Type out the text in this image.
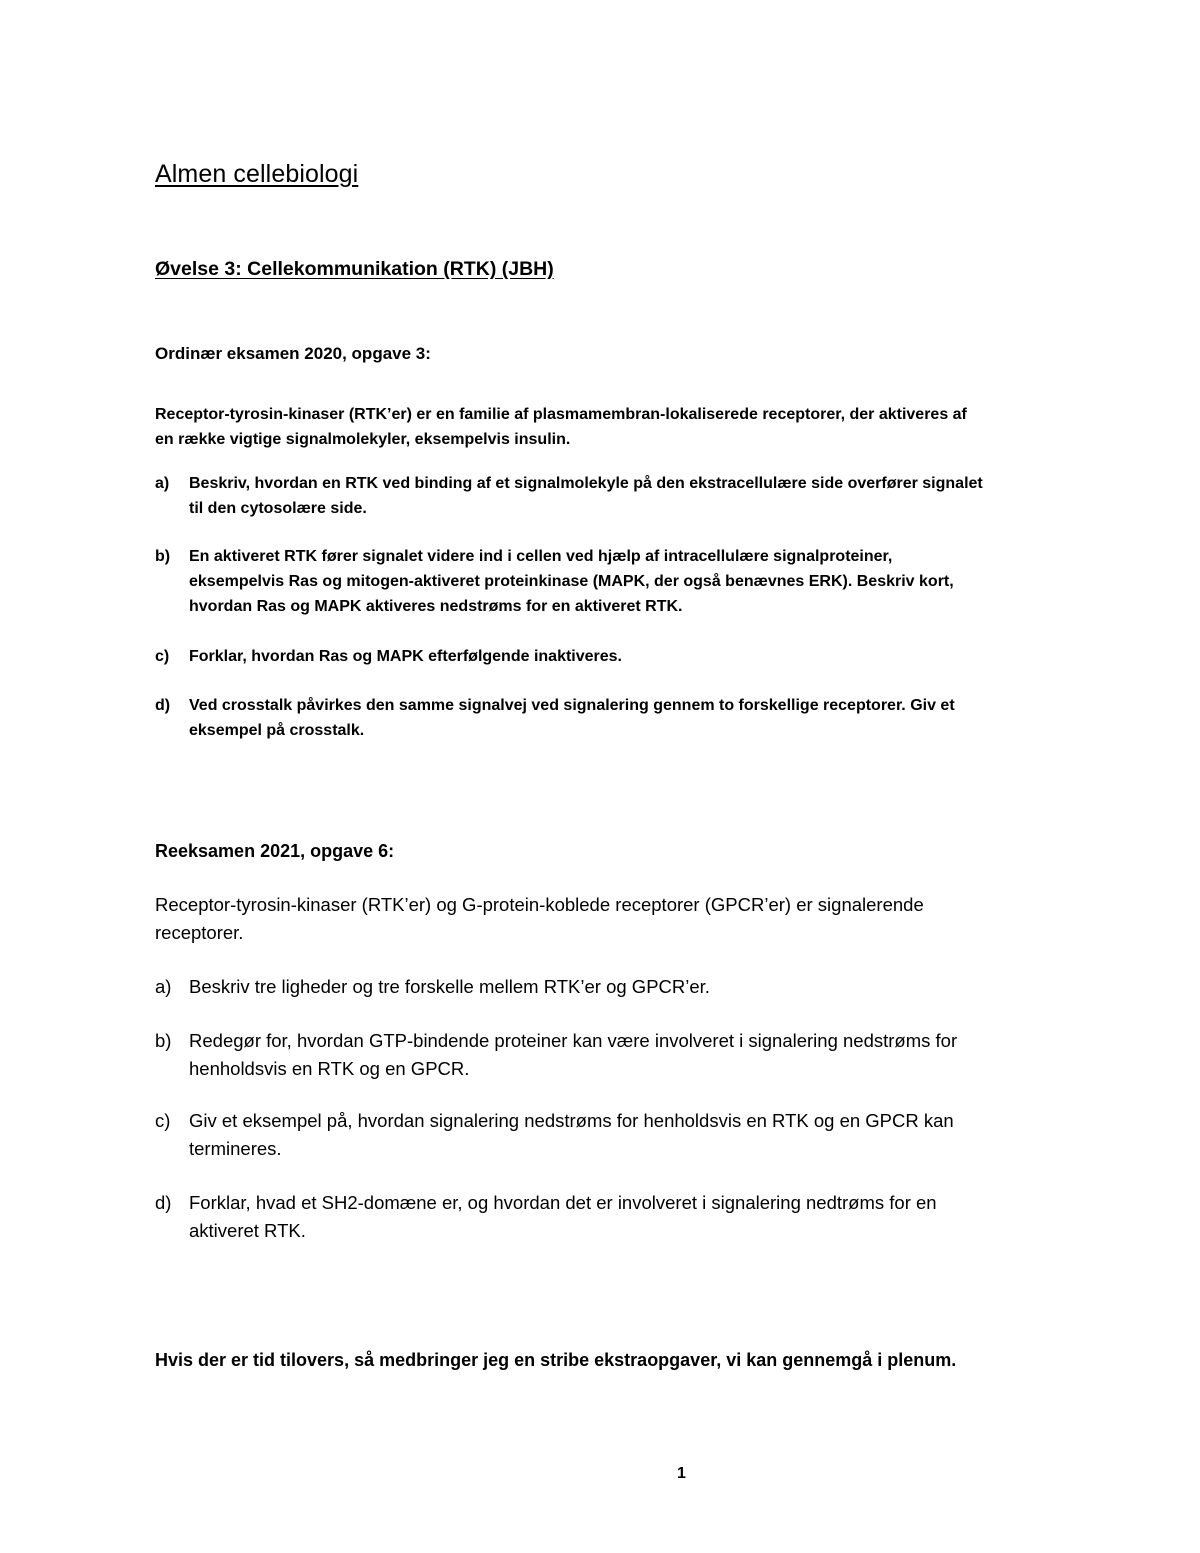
Almen cellebiologi
Øvelse 3: Cellekommunikation (RTK) (JBH)
Ordinær eksamen 2020, opgave 3:
Receptor-tyrosin-kinaser (RTK’er) er en familie af plasmamembran-lokaliserede receptorer, der aktiveres af
en række vigtige signalmolekyler, eksempelvis insulin.
a) Beskriv, hvordan en RTK ved binding af et signalmolekyle på den ekstracellulære side overfører signalet
til den cytosolære side.
b) En aktiveret RTK fører signalet videre ind i cellen ved hjælp af intracellulære signalproteiner,
eksempelvis Ras og mitogen-aktiveret proteinkinase (MAPK, der også benævnes ERK). Beskriv kort,
hvordan Ras og MAPK aktiveres nedstrøms for en aktiveret RTK.
c) Forklar, hvordan Ras og MAPK efterfølgende inaktiveres.
d) Ved crosstalk påvirkes den samme signalvej ved signalering gennem to forskellige receptorer. Giv et
eksempel på crosstalk.
Reeksamen 2021, opgave 6:
Receptor-tyrosin-kinaser (RTK’er) og G-protein-koblede receptorer (GPCR’er) er signalerende
receptorer.
a) Beskriv tre ligheder og tre forskelle mellem RTK’er og GPCR’er.
b) Redegør for, hvordan GTP-bindende proteiner kan være involveret i signalering nedstrøms for
henholdsvis en RTK og en GPCR.
c) Giv et eksempel på, hvordan signalering nedstrøms for henholdsvis en RTK og en GPCR kan
termineres.
d) Forklar, hvad et SH2-domæne er, og hvordan det er involveret i signalering nedtrøms for en
aktiveret RTK.
Hvis der er tid tilovers, så medbringer jeg en stribe ekstraopgaver, vi kan gennemgå i plenum.
1
